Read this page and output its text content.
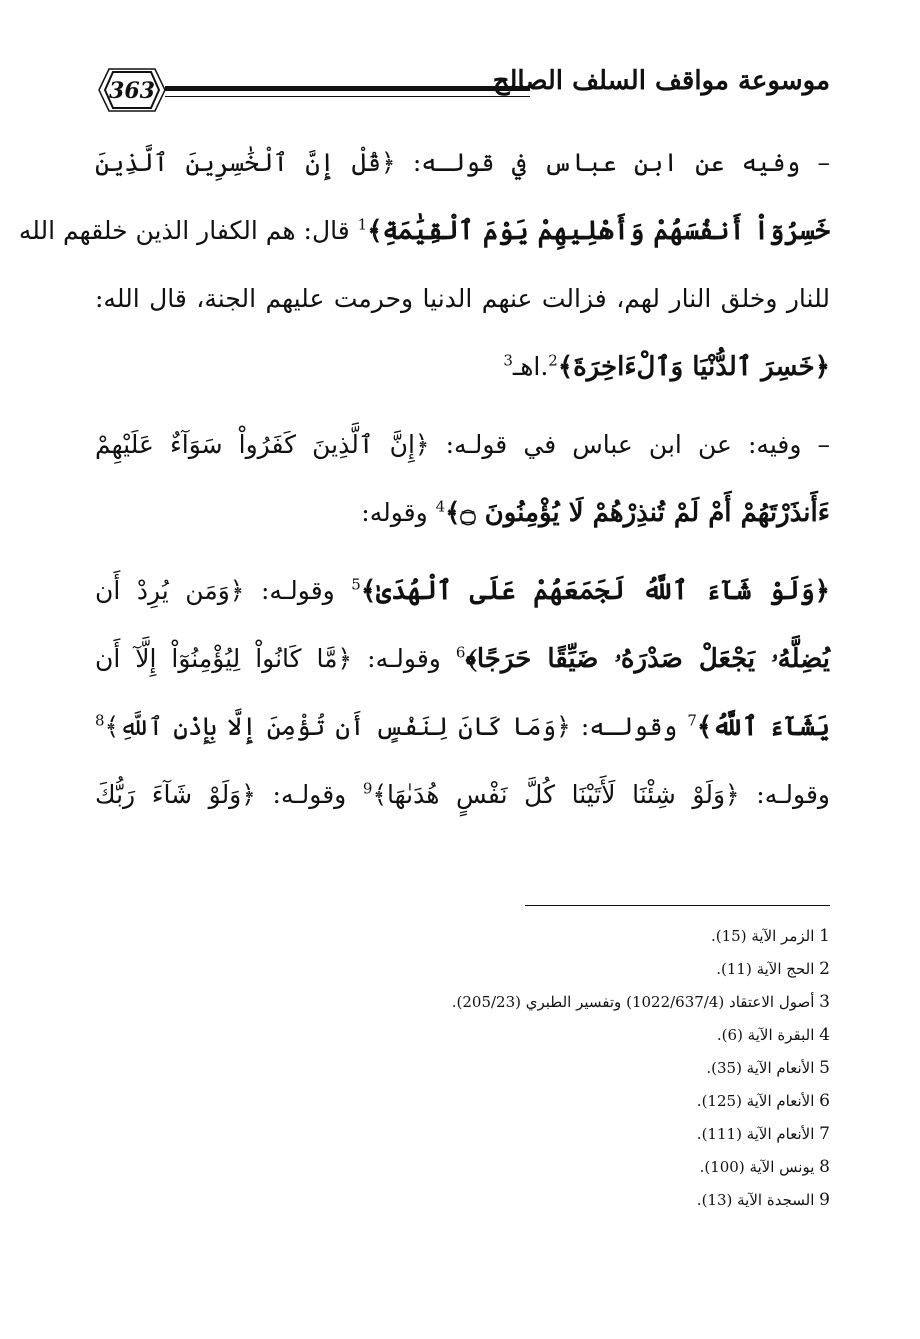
363	موسوعة مواقف السلف الصالح
– وفيه عن ابن عباس في قولـه: ﴿قُلْ إِنَّ ٱلْخَٰسِرِينَ ٱلَّذِينَ
خَسِرُوٓاْ أَنفُسَهُمْ وَأَهْلِيهِمْ يَوْمَ ٱلْقِيَٰمَةِ﴾$^1$ قال: هم الكفار الذين خلقهم الله
للنار وخلق النار لهم، فزالت عنهم الدنيا وحرمت عليهم الجنة، قال الله:
﴿خَسِرَ ٱلدُّنْيَا وَٱلْءَاخِرَةَ﴾$^2$.اهـ$^3$
– وفيه: عن ابن عباس في قولـه: ﴿إِنَّ ٱلَّذِينَ كَفَرُواْ سَوَآءٌ عَلَيْهِمْ
ءَأَنذَرْتَهُمْ أَمْ لَمْ تُنذِرْهُمْ لَا يُؤْمِنُونَ ۝﴾$^4$ وقوله:
﴿وَلَوْ شَآءَ ٱللَّهُ لَجَمَعَهُمْ عَلَى ٱلْهُدَىٰ﴾$^5$ وقولـه: ﴿وَمَن يُرِدْ أَن
يُضِلَّهُۥ يَجْعَلْ صَدْرَهُۥ ضَيِّقًا حَرَجًا﴾$^6$ وقولـه: ﴿مَّا كَانُواْ لِيُؤْمِنُوٓاْ إِلَّآ أَن
يَشَآءَ ٱللَّهُ﴾$^7$ وقولـه: ﴿وَمَا كَانَ لِنَفْسٍ أَن تُؤْمِنَ إِلَّا بِإِذْنِ ٱللَّهِ﴾$^8$
وقولـه: ﴿وَلَوْ شِئْنَا لَأَتَيْنَا كُلَّ نَفْسٍ هُدَىٰهَا﴾$^9$ وقولـه: ﴿وَلَوْ شَآءَ رَبُّكَ
1 الزمر الآية (15).
2 الحج الآية (11).
3 أصول الاعتقاد (1022/637/4) وتفسير الطبري (205/23).
4 البقرة الآية (6).
5 الأنعام الآية (35).
6 الأنعام الآية (125).
7 الأنعام الآية (111).
8 يونس الآية (100).
9 السجدة الآية (13).
